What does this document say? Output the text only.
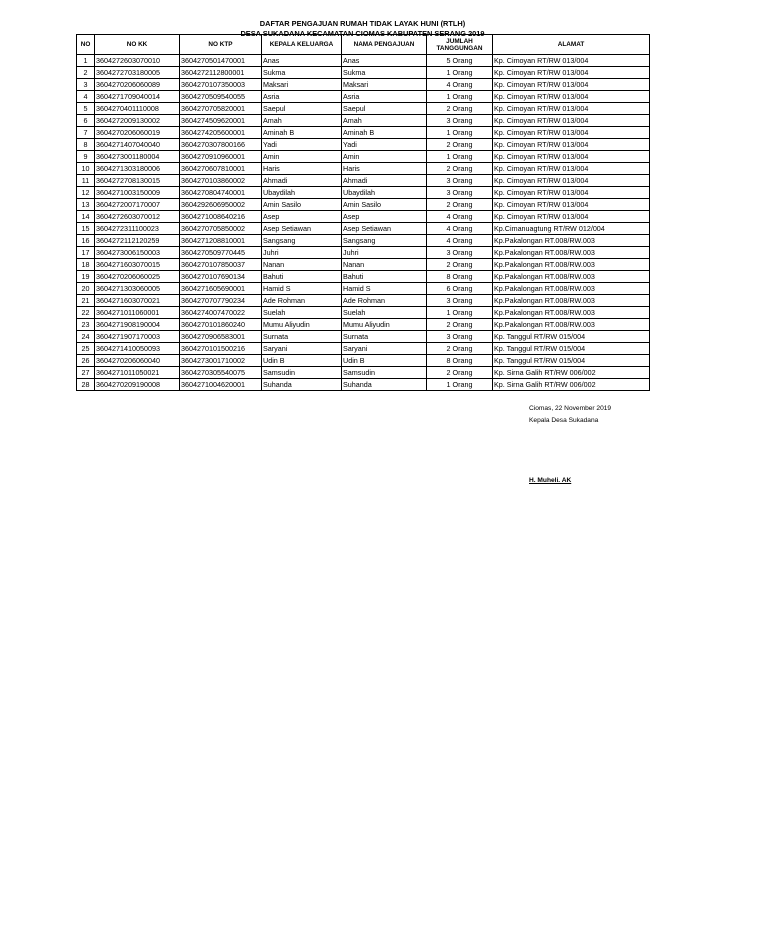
DAFTAR PENGAJUAN RUMAH TIDAK LAYAK HUNI (RTLH)
DESA SUKADANA KECAMATAN CIOMAS KABUPATEN SERANG 2019
NO	NO KK	NO KTP	KEPALA KELUARGA	NAMA PENGAJUAN	JUMLAH TANGGUNGAN	ALAMAT
1	3604272603070010	3604270501470001	Anas	Anas	5 Orang	Kp. Cimoyan RT/RW 013/004
2	3604272703180005	3604272112800001	Sukma	Sukma	1 Orang	Kp. Cimoyan RT/RW 013/004
3	3604270206060089	3604270107350003	Maksari	Maksari	4 Orang	Kp. Cimoyan RT/RW 013/004
4	3604271709040014	3604270509540055	Asria	Asria	1 Orang	Kp. Cimoyan RT/RW 013/004
5	3604270401110008	3604270705820001	Saepul	Saepul	2 Orang	Kp. Cimoyan RT/RW 013/004
6	3604272009130002	3604274509620001	Amah	Amah	3 Orang	Kp. Cimoyan RT/RW 013/004
7	3604270206060019	3604274205600001	Aminah B	Aminah B	1 Orang	Kp. Cimoyan RT/RW 013/004
8	3604271407040040	3604270307800166	Yadi	Yadi	2 Orang	Kp. Cimoyan RT/RW 013/004
9	3604273001180004	3604270910960001	Amin	Amin	1 Orang	Kp. Cimoyan RT/RW 013/004
10	3604271303180006	3604270607810001	Haris	Haris	2 Orang	Kp. Cimoyan RT/RW 013/004
11	3604272708130015	3604270103860002	Ahmadi	Ahmadi	3 Orang	Kp. Cimoyan RT/RW 013/004
12	3604271003150009	3604270804740001	Ubaydilah	Ubaydilah	3 Orang	Kp. Cimoyan RT/RW 013/004
13	3604272007170007	3604292606950002	Amin Sasilo	Amin Sasilo	2 Orang	Kp. Cimoyan RT/RW 013/004
14	3604272603070012	3604271008640216	Asep	Asep	4 Orang	Kp. Cimoyan RT/RW 013/004
15	3604272311100023	3604270705850002	Asep Setiawan	Asep Setiawan	4 Orang	Kp.Cimanuagtung RT/RW 012/004
16	3604272112120259	3604271208810001	Sangsang	Sangsang	4 Orang	Kp.Pakalongan RT.008/RW.003
17	3604273006150003	3604270509770445	Juhri	Juhri	3 Orang	Kp.Pakalongan RT.008/RW.003
18	3604271603070015	3604270107850037	Nanan	Nanan	2 Orang	Kp.Pakalongan RT.008/RW.003
19	3604270206060025	3604270107690134	Bahuti	Bahuti	8 Orang	Kp.Pakalongan RT.008/RW.003
20	3604271303060005	3604271605690001	Hamid S	Hamid S	6 Orang	Kp.Pakalongan RT.008/RW.003
21	3604271603070021	3604270707790234	Ade Rohman	Ade Rohman	3 Orang	Kp.Pakalongan RT.008/RW.003
22	3604271011060001	3604274007470022	Suelah	Suelah	1 Orang	Kp.Pakalongan RT.008/RW.003
23	3604271908190004	3604270101860240	Mumu Aliyudin	Mumu Aliyudin	2 Orang	Kp.Pakalongan RT.008/RW.003
24	3604271907170003	3604270906583001	Surnata	Surnata	3 Orang	Kp. Tanggul RT/RW 015/004
25	3604271410050093	3604270101500216	Saryani	Saryani	2 Orang	Kp. Tanggul RT/RW 015/004
26	3604270206060040	3604273001710002	Udin B	Udin B	8 Orang	Kp. Tanggul RT/RW 015/004
27	3604271011050021	3604270305540075	Samsudin	Samsudin	2 Orang	Kp. Sirna Galih RT/RW 006/002
28	3604270209190008	3604271004620001	Suhanda	Suhanda	1 Orang	Kp. Sirna Galih RT/RW 006/002
Ciomas, 22 November 2019
Kepala Desa Sukadana
H. Muheli. AK
